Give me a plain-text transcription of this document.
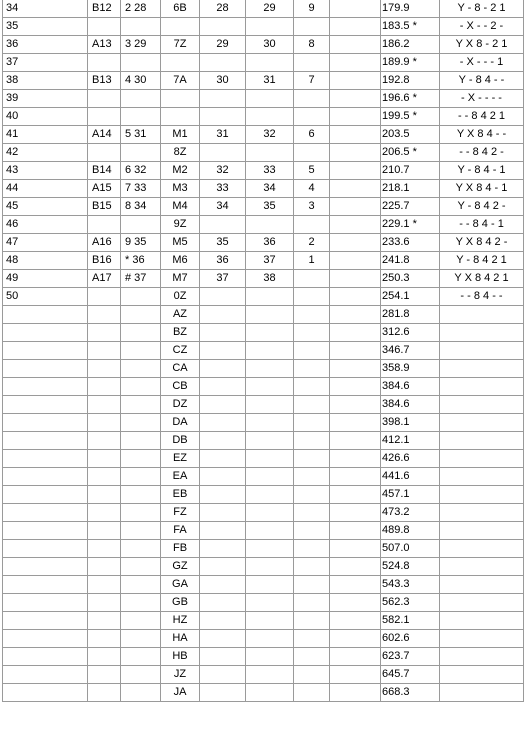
34	B12	2 28	6B	28	29	9		179.9	Y - 8 - 2 1
35								183.5 *	- X - - 2 -
36	A13	3 29	7Z	29	30	8		186.2	Y X 8 - 2 1
37								189.9 *	- X - - - 1
38	B13	4 30	7A	30	31	7		192.8	Y - 8 4 - -
39								196.6 *	- X - - - -
40								199.5 *	- - 8 4 2 1
41	A14	5 31	M1	31	32	6		203.5	Y X 8 4 - -
42			8Z					206.5 *	- - 8 4 2 -
43	B14	6 32	M2	32	33	5		210.7	Y - 8 4 - 1
44	A15	7 33	M3	33	34	4		218.1	Y X 8 4 - 1
45	B15	8 34	M4	34	35	3		225.7	Y - 8 4 2 -
46			9Z					229.1 *	- - 8 4 - 1
47	A16	9 35	M5	35	36	2		233.6	Y X 8 4 2 -
48	B16	* 36	M6	36	37	1		241.8	Y - 8 4 2 1
49	A17	# 37	M7	37	38			250.3	Y X 8 4 2 1
50			0Z					254.1	- - 8 4 - -
			AZ					281.8	
			BZ					312.6	
			CZ					346.7	
			CA					358.9	
			CB					384.6	
			DZ					384.6	
			DA					398.1	
			DB					412.1	
			EZ					426.6	
			EA					441.6	
			EB					457.1	
			FZ					473.2	
			FA					489.8	
			FB					507.0	
			GZ					524.8	
			GA					543.3	
			GB					562.3	
			HZ					582.1	
			HA					602.6	
			HB					623.7	
			JZ					645.7	
			JA					668.3	
